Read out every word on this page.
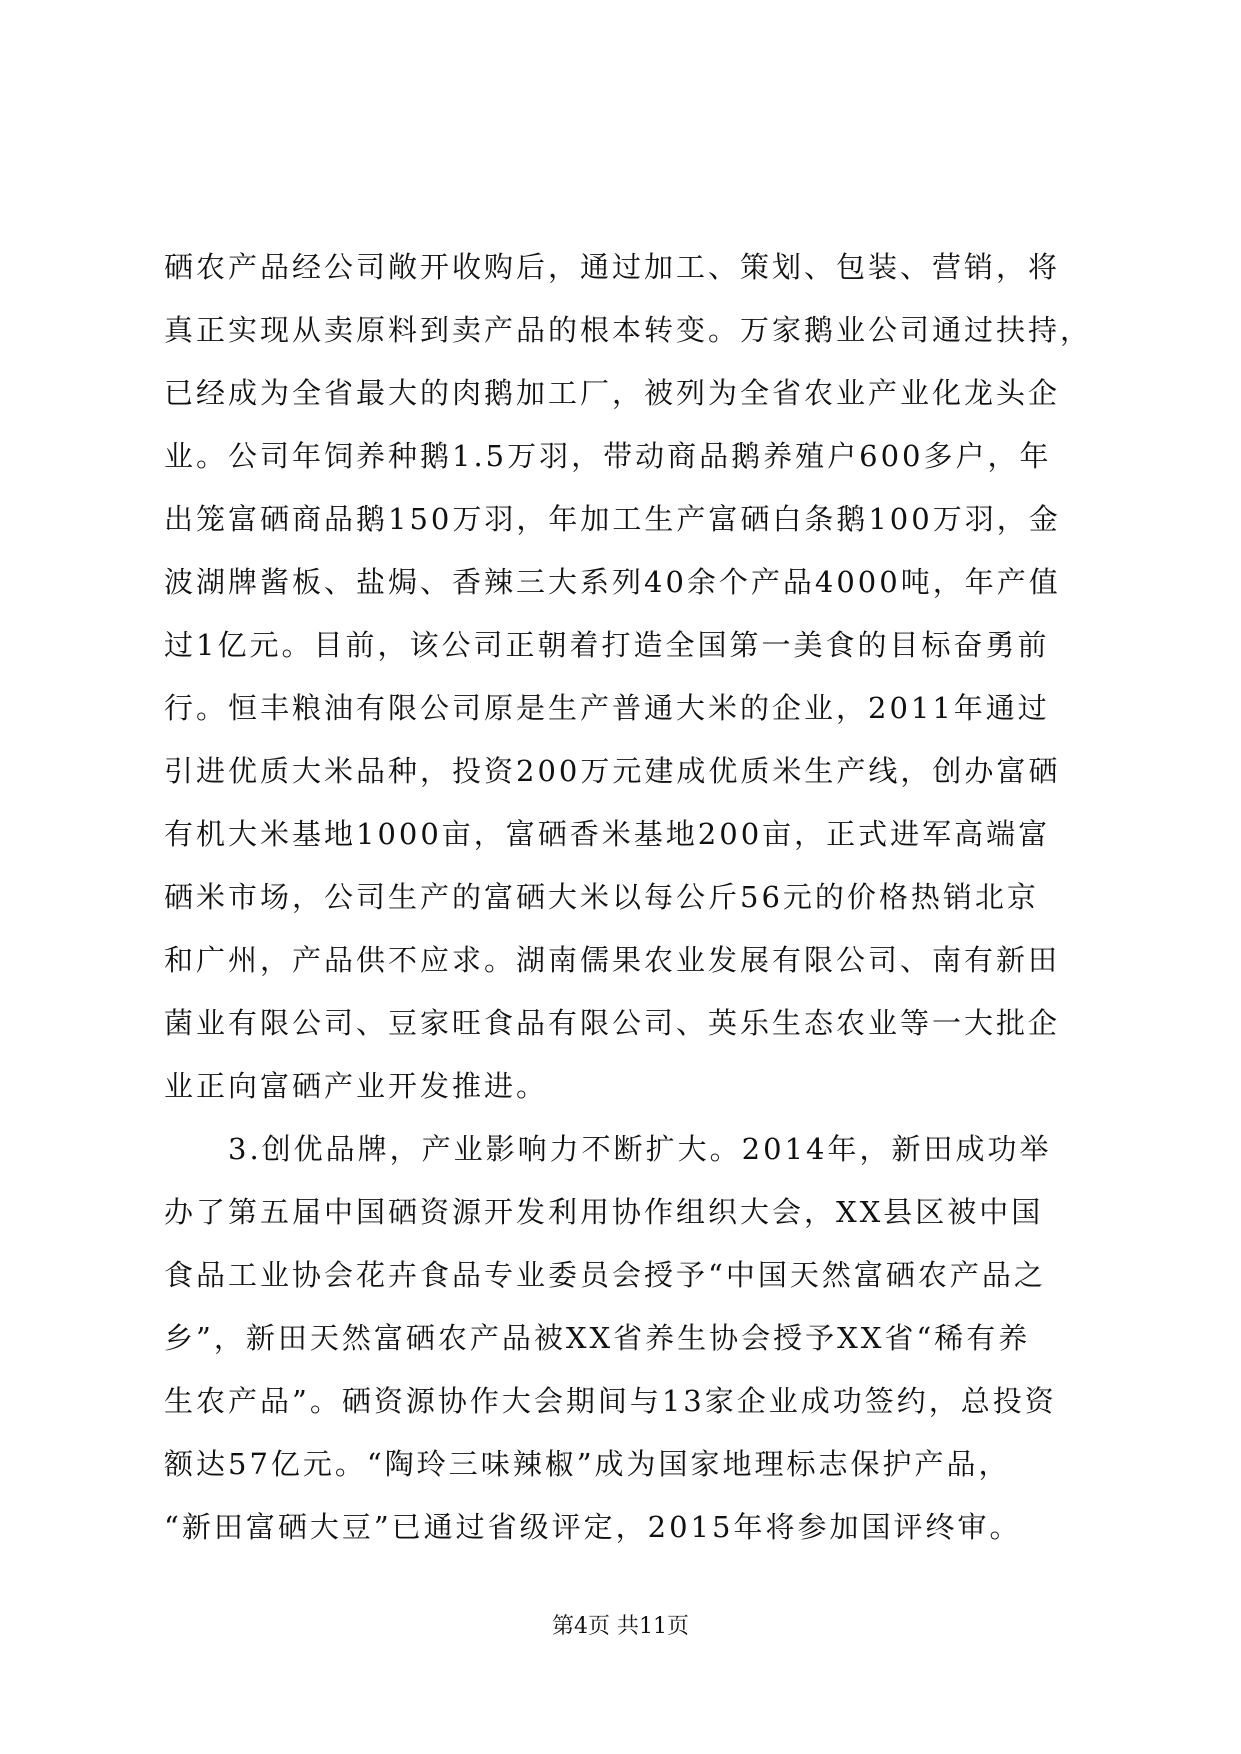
硒农产品经公司敞开收购后，通过加工、策划、包装、营销，将
真正实现从卖原料到卖产品的根本转变。万家鹅业公司通过扶持，
已经成为全省最大的肉鹅加工厂，被列为全省农业产业化龙头企
业。公司年饲养种鹅1.5万羽，带动商品鹅养殖户600多户，年
出笼富硒商品鹅150万羽，年加工生产富硒白条鹅100万羽，金
波湖牌酱板、盐焗、香辣三大系列40余个产品4000吨，年产值
过1亿元。目前，该公司正朝着打造全国第一美食的目标奋勇前
行。恒丰粮油有限公司原是生产普通大米的企业，2011年通过
引进优质大米品种，投资200万元建成优质米生产线，创办富硒
有机大米基地1000亩，富硒香米基地200亩，正式进军高端富
硒米市场，公司生产的富硒大米以每公斤56元的价格热销北京
和广州，产品供不应求。湖南儒果农业发展有限公司、南有新田
菌业有限公司、豆家旺食品有限公司、英乐生态农业等一大批企
业正向富硒产业开发推进。
3.创优品牌，产业影响力不断扩大。2014年，新田成功举
办了第五届中国硒资源开发利用协作组织大会，XX县区被中国
食品工业协会花卉食品专业委员会授予“中国天然富硒农产品之
乡”，新田天然富硒农产品被XX省养生协会授予XX省“稀有养
生农产品”。硒资源协作大会期间与13家企业成功签约，总投资
额达57亿元。“陶玲三味辣椒”成为国家地理标志保护产品，
“新田富硒大豆”已通过省级评定，2015年将参加国评终审。
第4页 共11页
